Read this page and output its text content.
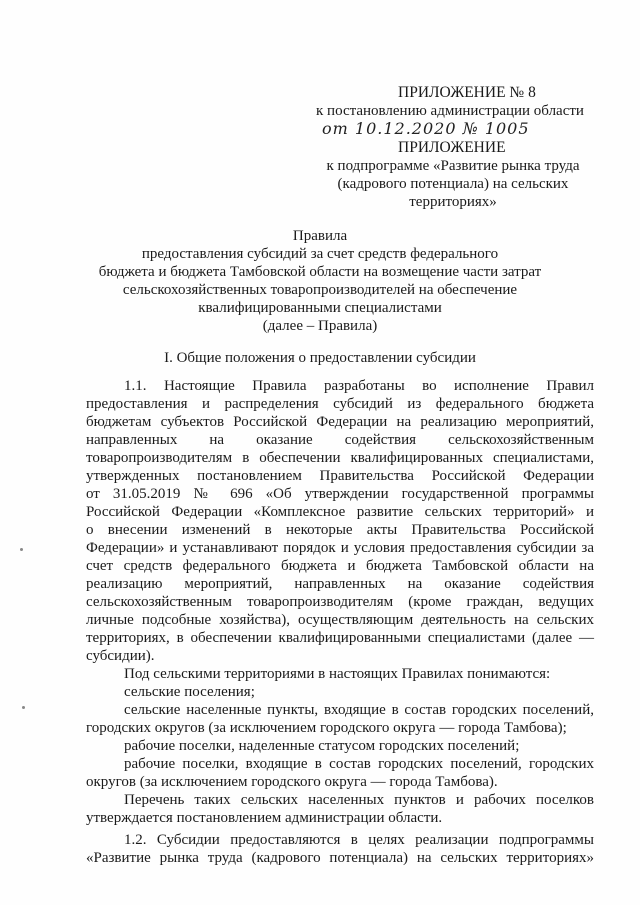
ПРИЛОЖЕНИЕ № 8
к постановлению администрации области
от 10.12.2020 № 1005
ПРИЛОЖЕНИЕ
к подпрограмме «Развитие рынка труда
(кадрового потенциала) на сельских
территориях»
Правила
предоставления субсидий за счет средств федерального
бюджета и бюджета Тамбовской области на возмещение части затрат
сельскохозяйственных товаропроизводителей на обеспечение
квалифицированными специалистами
(далее – Правила)
I. Общие положения о предоставлении субсидии
1.1. Настоящие Правила разработаны во исполнение Правил
предоставления и распределения субсидий из федерального бюджета
бюджетам субъектов Российской Федерации на реализацию мероприятий,
направленных на оказание содействия сельскохозяйственным
товаропроизводителям в обеспечении квалифицированных специалистами,
утвержденных постановлением Правительства Российской Федерации
от 31.05.2019 № 696 «Об утверждении государственной программы
Российской Федерации «Комплексное развитие сельских территорий» и
о внесении изменений в некоторые акты Правительства Российской
Федерации» и устанавливают порядок и условия предоставления субсидии за
счет средств федерального бюджета и бюджета Тамбовской области на
реализацию мероприятий, направленных на оказание содействия
сельскохозяйственным товаропроизводителям (кроме граждан, ведущих
личные подсобные хозяйства), осуществляющим деятельность на сельских
территориях, в обеспечении квалифицированными специалистами (далее —
субсидии).
Под сельскими территориями в настоящих Правилах понимаются:
сельские поселения;
сельские населенные пункты, входящие в состав городских поселений,
городских округов (за исключением городского округа — города Тамбова);
рабочие поселки, наделенные статусом городских поселений;
рабочие поселки, входящие в состав городских поселений, городских
округов (за исключением городского округа — города Тамбова).
Перечень таких сельских населенных пунктов и рабочих поселков
утверждается постановлением администрации области.
1.2. Субсидии предоставляются в целях реализации подпрограммы
«Развитие рынка труда (кадрового потенциала) на сельских территориях»
